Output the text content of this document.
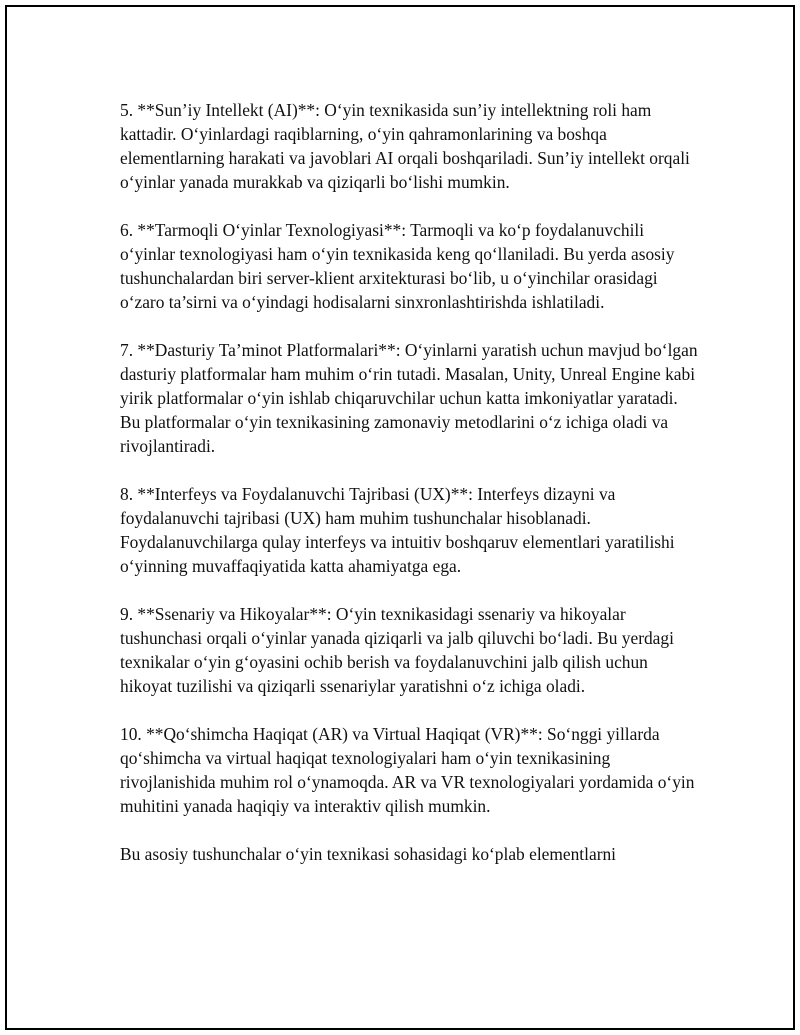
5. **Sun’iy Intellekt (AI)**: O‘yin texnikasida sun’iy intellektning roli ham kattadir. O‘yinlardagi raqiblarning, o‘yin qahramonlarining va boshqa elementlarning harakati va javoblari AI orqali boshqariladi. Sun’iy intellekt orqali o‘yinlar yanada murakkab va qiziqarli bo‘lishi mumkin.

6. **Tarmoqli O‘yinlar Texnologiyasi**: Tarmoqli va ko‘p foydalanuvchili o‘yinlar texnologiyasi ham o‘yin texnikasida keng qo‘llaniladi. Bu yerda asosiy tushunchalardan biri server-klient arxitekturasi bo‘lib, u o‘yinchilar orasidagi o‘zaro ta’sirni va o‘yindagi hodisalarni sinxronlashtirishda ishlatiladi.

7. **Dasturiy Ta’minot Platformalari**: O‘yinlarni yaratish uchun mavjud bo‘lgan dasturiy platformalar ham muhim o‘rin tutadi. Masalan, Unity, Unreal Engine kabi yirik platformalar o‘yin ishlab chiqaruvchilar uchun katta imkoniyatlar yaratadi. Bu platformalar o‘yin texnikasining zamonaviy metodlarini o‘z ichiga oladi va rivojlantiradi.

8. **Interfeys va Foydalanuvchi Tajribasi (UX)**: Interfeys dizayni va foydalanuvchi tajribasi (UX) ham muhim tushunchalar hisoblanadi. Foydalanuvchilarga qulay interfeys va intuitiv boshqaruv elementlari yaratilishi o‘yinning muvaffaqiyatida katta ahamiyatga ega.

9. **Ssenariy va Hikoyalar**: O‘yin texnikasidagi ssenariy va hikoyalar tushunchasi orqali o‘yinlar yanada qiziqarli va jalb qiluvchi bo‘ladi. Bu yerdagi texnikalar o‘yin g‘oyasini ochib berish va foydalanuvchini jalb qilish uchun hikoyat tuzilishi va qiziqarli ssenariylar yaratishni o‘z ichiga oladi.

10. **Qo‘shimcha Haqiqat (AR) va Virtual Haqiqat (VR)**: So‘nggi yillarda qo‘shimcha va virtual haqiqat texnologiyalari ham o‘yin texnikasining rivojlanishida muhim rol o‘ynamoqda. AR va VR texnologiyalari yordamida o‘yin muhitini yanada haqiqiy va interaktiv qilish mumkin.

Bu asosiy tushunchalar o‘yin texnikasi sohasidagi ko‘plab elementlarni
